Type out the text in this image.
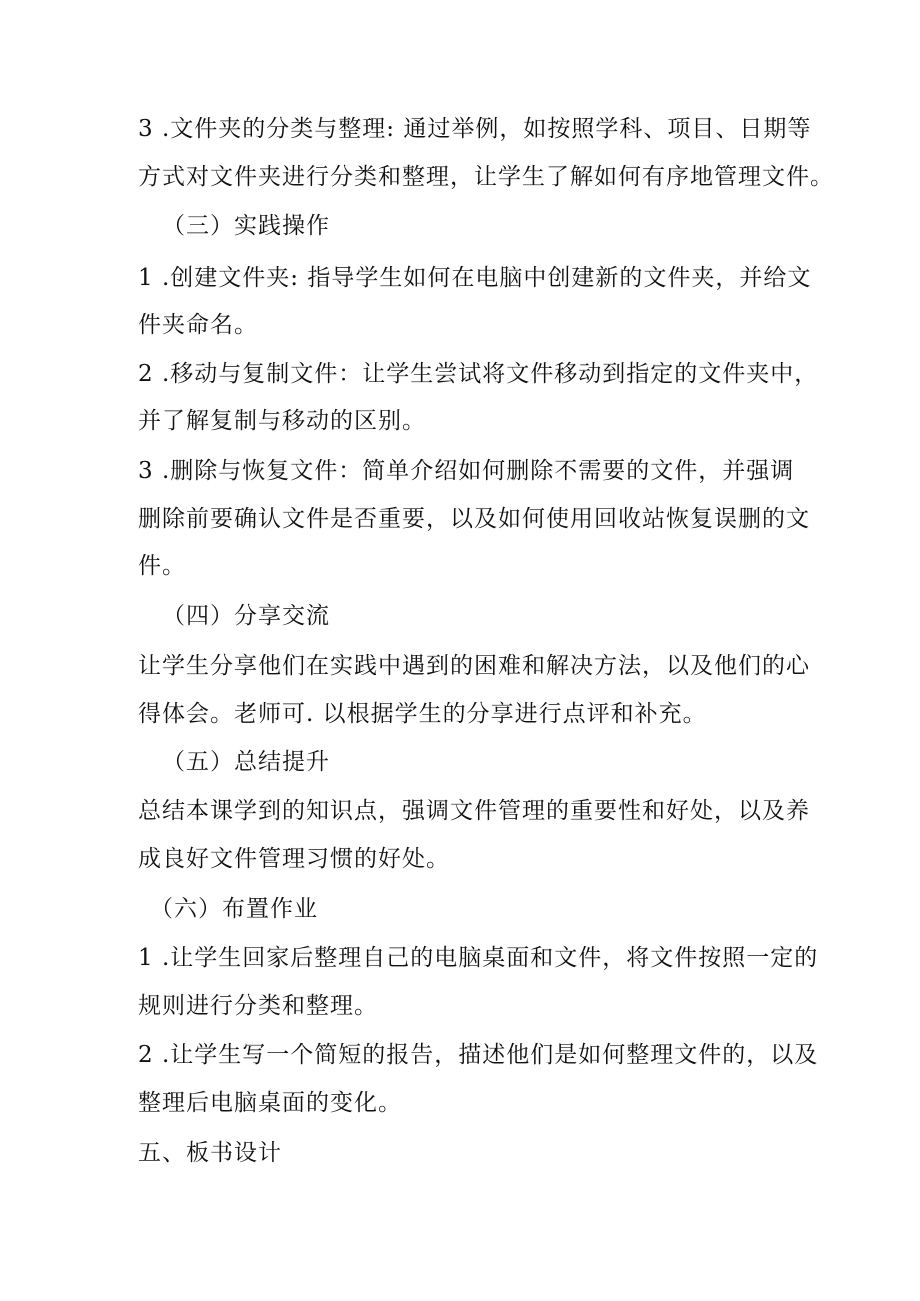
3 .文件夹的分类与整理: 通过举例，如按照学科、项目、日期等
方式对文件夹进行分类和整理，让学生了解如何有序地管理文件。
（三）实践操作
1 .创建文件夹: 指导学生如何在电脑中创建新的文件夹，并给文
件夹命名。
2 .移动与复制文件：让学生尝试将文件移动到指定的文件夹中，
并了解复制与移动的区别。
3 .删除与恢复文件：简单介绍如何删除不需要的文件，并强调
删除前要确认文件是否重要，以及如何使用回收站恢复误删的文
件。
（四）分享交流
让学生分享他们在实践中遇到的困难和解决方法，以及他们的心
得体会。老师可. 以根据学生的分享进行点评和补充。
（五）总结提升
总结本课学到的知识点，强调文件管理的重要性和好处，以及养
成良好文件管理习惯的好处。
（六）布置作业
1 .让学生回家后整理自己的电脑桌面和文件，将文件按照一定的
规则进行分类和整理。
2 .让学生写一个简短的报告，描述他们是如何整理文件的，以及
整理后电脑桌面的变化。
五、板书设计
